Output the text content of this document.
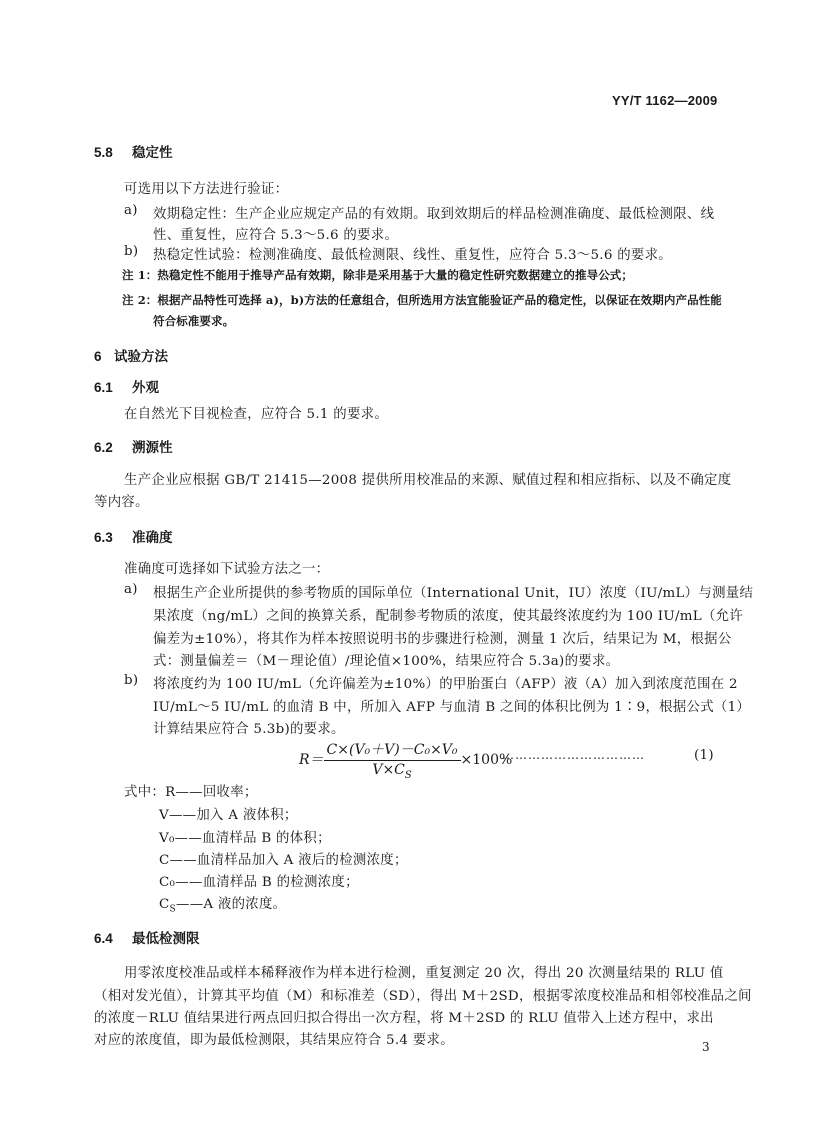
YY/T 1162—2009
5.8 稳定性
可选用以下方法进行验证：
a) 效期稳定性：生产企业应规定产品的有效期。取到效期后的样品检测准确度、最低检测限、线
性、重复性，应符合 5.3～5.6 的要求。
b) 热稳定性试验：检测准确度、最低检测限、线性、重复性，应符合 5.3～5.6 的要求。
注 1：热稳定性不能用于推导产品有效期，除非是采用基于大量的稳定性研究数据建立的推导公式；
注 2：根据产品特性可选择 a)，b)方法的任意组合，但所选用方法宜能验证产品的稳定性，以保证在效期内产品性能
符合标准要求。
6 试验方法
6.1 外观
在自然光下目视检查，应符合 5.1 的要求。
6.2 溯源性
生产企业应根据 GB/T 21415—2008 提供所用校准品的来源、赋值过程和相应指标、以及不确定度
等内容。
6.3 准确度
准确度可选择如下试验方法之一：
a) 根据生产企业所提供的参考物质的国际单位（International Unit，IU）浓度（IU/mL）与测量结
果浓度（ng/mL）之间的换算关系，配制参考物质的浓度，使其最终浓度约为 100 IU/mL（允许
偏差为±10%），将其作为样本按照说明书的步骤进行检测，测量 1 次后，结果记为 M，根据公
式：测量偏差＝（M－理论值）/理论值×100%，结果应符合 5.3a)的要求。
b) 将浓度约为 100 IU/mL（允许偏差为±10%）的甲胎蛋白（AFP）液（A）加入到浓度范围在 2
IU/mL～5 IU/mL 的血清 B 中，所加入 AFP 与血清 B 之间的体积比例为 1∶9，根据公式（1）
计算结果应符合 5.3b)的要求。
$R= \frac{\text{C×(V₀＋V)－C₀×V₀}}{V\times C_S} \times 100\%$
……………………………	(1)
式中：R——回收率；
V——加入 A 液体积；
V₀——血清样品 B 的体积；
C——血清样品加入 A 液后的检测浓度；
C₀——血清样品 B 的检测浓度；
$C_S——A$ 液的浓度。
6.4 最低检测限
用零浓度校准品或样本稀释液作为样本进行检测，重复测定 20 次，得出 20 次测量结果的 RLU 值
（相对发光值），计算其平均值（M）和标准差（SD），得出 M＋2SD，根据零浓度校准品和相邻校准品之间
的浓度－RLU 值结果进行两点回归拟合得出一次方程，将 M＋2SD 的 RLU 值带入上述方程中，求出
对应的浓度值，即为最低检测限，其结果应符合 5.4 要求。	3
